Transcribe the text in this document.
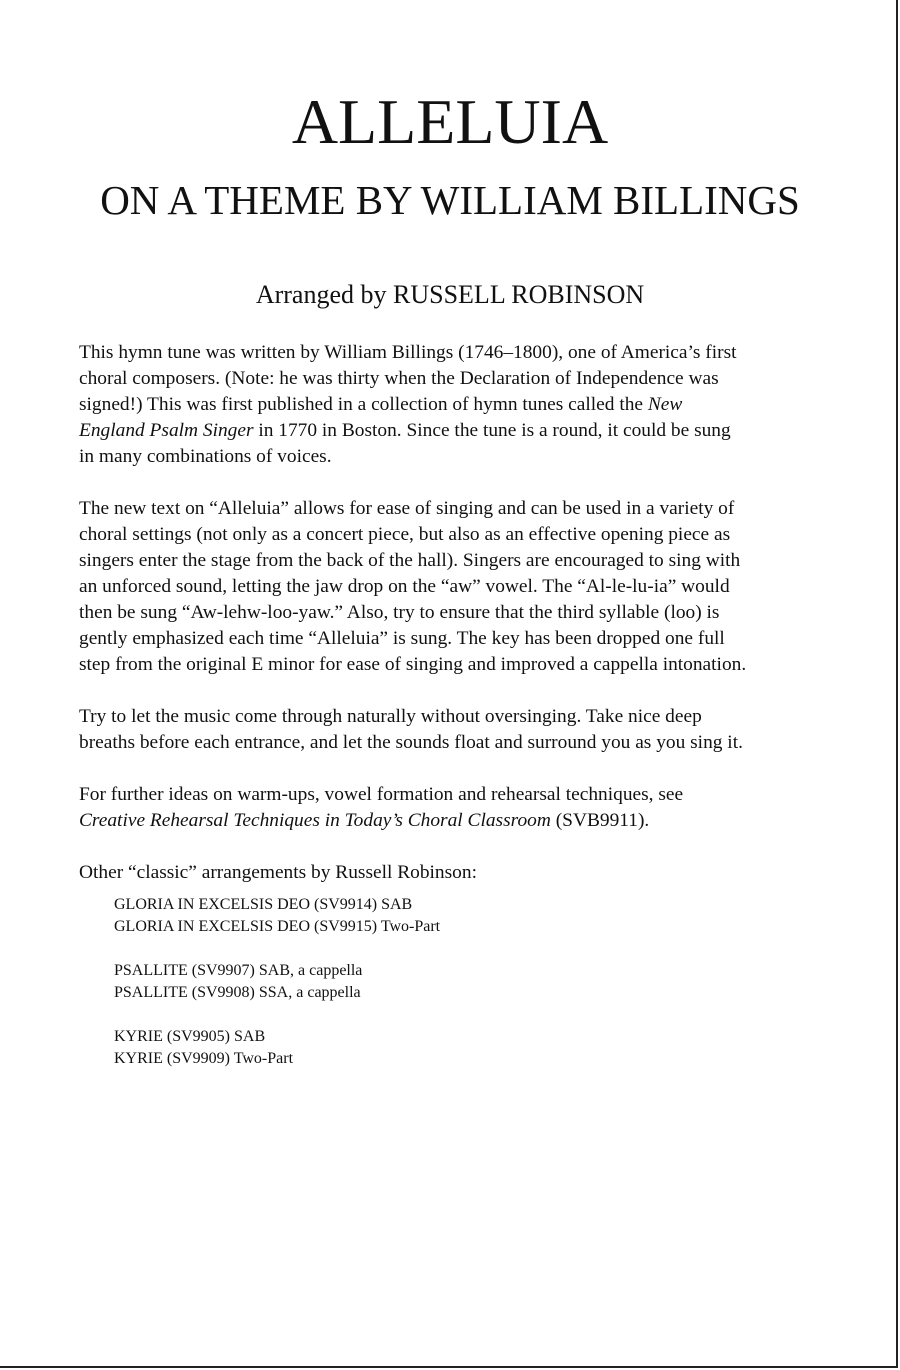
ALLELUIA
ON A THEME BY WILLIAM BILLINGS
Arranged by RUSSELL ROBINSON
This hymn tune was written by William Billings (1746–1800), one of America’s first
choral composers. (Note: he was thirty when the Declaration of Independence was
signed!) This was first published in a collection of hymn tunes called the New
England Psalm Singer in 1770 in Boston. Since the tune is a round, it could be sung
in many combinations of voices.
The new text on “Alleluia” allows for ease of singing and can be used in a variety of
choral settings (not only as a concert piece, but also as an effective opening piece as
singers enter the stage from the back of the hall). Singers are encouraged to sing with
an unforced sound, letting the jaw drop on the “aw” vowel. The “Al-le-lu-ia” would
then be sung “Aw-lehw-loo-yaw.” Also, try to ensure that the third syllable (loo) is
gently emphasized each time “Alleluia” is sung. The key has been dropped one full
step from the original E minor for ease of singing and improved a cappella intonation.
Try to let the music come through naturally without oversinging. Take nice deep
breaths before each entrance, and let the sounds float and surround you as you sing it.
For further ideas on warm-ups, vowel formation and rehearsal techniques, see
Creative Rehearsal Techniques in Today’s Choral Classroom (SVB9911).
Other “classic” arrangements by Russell Robinson:
GLORIA IN EXCELSIS DEO (SV9914) SAB
GLORIA IN EXCELSIS DEO (SV9915) Two-Part
PSALLITE (SV9907) SAB, a cappella
PSALLITE (SV9908) SSA, a cappella
KYRIE (SV9905) SAB
KYRIE (SV9909) Two-Part
